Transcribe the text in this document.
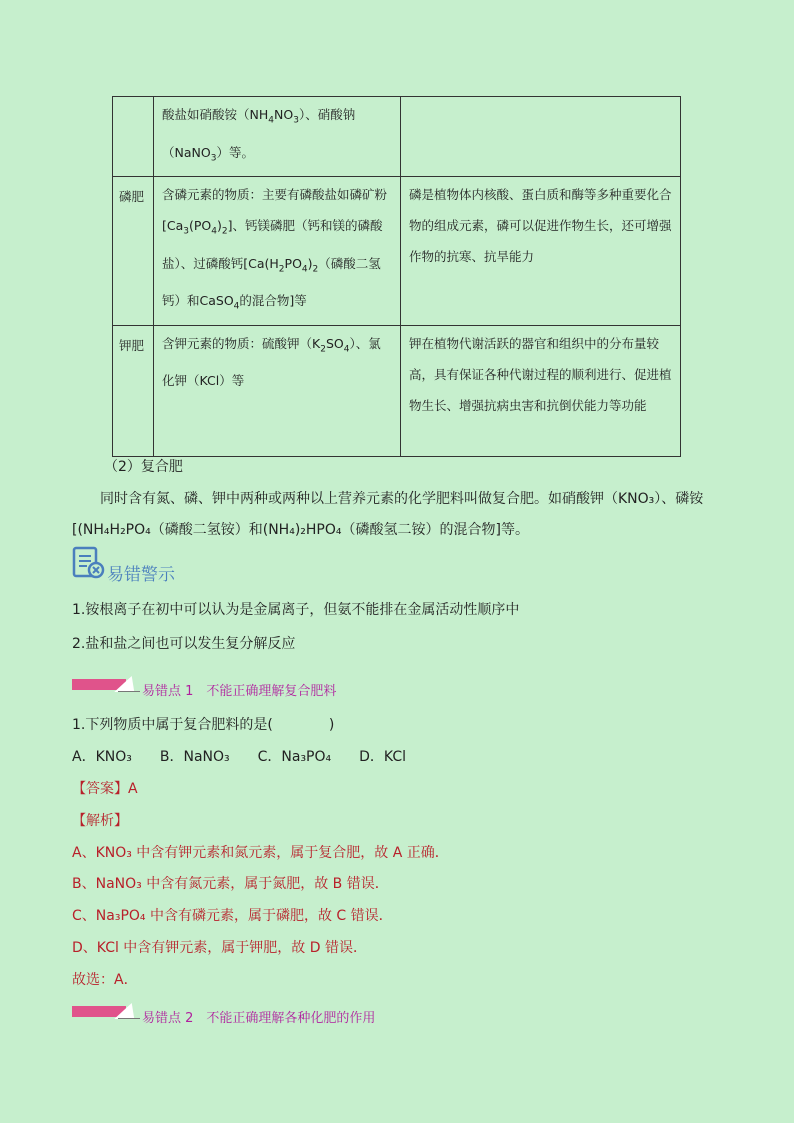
	酸盐如硝酸铵$(NH_4NO_3)$、硝酸钠（NaNO$_3$）等。	
磷肥	含磷元素的物质：主要有磷酸盐如磷矿粉$[Ca_3(PO_4)_2]$、钙镁磷肥（钙和镁的磷酸盐）、过磷酸钙[$Ca(H_2PO_4)_2$（磷酸二氢钙）和CaSO$_4$的混合物]等	磷是植物体内核酸、蛋白质和酶等多种重要化合物的组成元素，磷可以促进作物生长，还可增强作物的抗寒、抗旱能力
钾肥	含钾元素的物质：硫酸钾$(K_2SO_4)$、氯化钾（KCl）等	钾在植物代谢活跃的器官和组织中的分布量较高，具有保证各种代谢过程的顺利进行、促进植物生长、增强抗病虫害和抗倒伏能力等功能
（2）复合肥
同时含有氮、磷、钾中两种或两种以上营养元素的化学肥料叫做复合肥。如硝酸钾（KNO₃）、磷铵
[(NH₄H₂PO₄（磷酸二氢铵）和(NH₄)₂HPO₄（磷酸氢二铵）的混合物]等。
易错警示
1.铵根离子在初中可以认为是金属离子，但氨不能排在金属活动性顺序中
2.盐和盐之间也可以发生复分解反应
易错点 1　不能正确理解复合肥料
1.下列物质中属于复合肥料的是(　　　　)
A．KNO₃　　B．NaNO₃　　C．Na₃PO₄　　D．KCl
【答案】A
【解析】
A、KNO₃ 中含有钾元素和氮元素，属于复合肥，故 A 正确．
B、NaNO₃ 中含有氮元素，属于氮肥，故 B 错误．
C、Na₃PO₄ 中含有磷元素，属于磷肥，故 C 错误．
D、KCl 中含有钾元素，属于钾肥，故 D 错误．
故选：A．
易错点 2　不能正确理解各种化肥的作用
